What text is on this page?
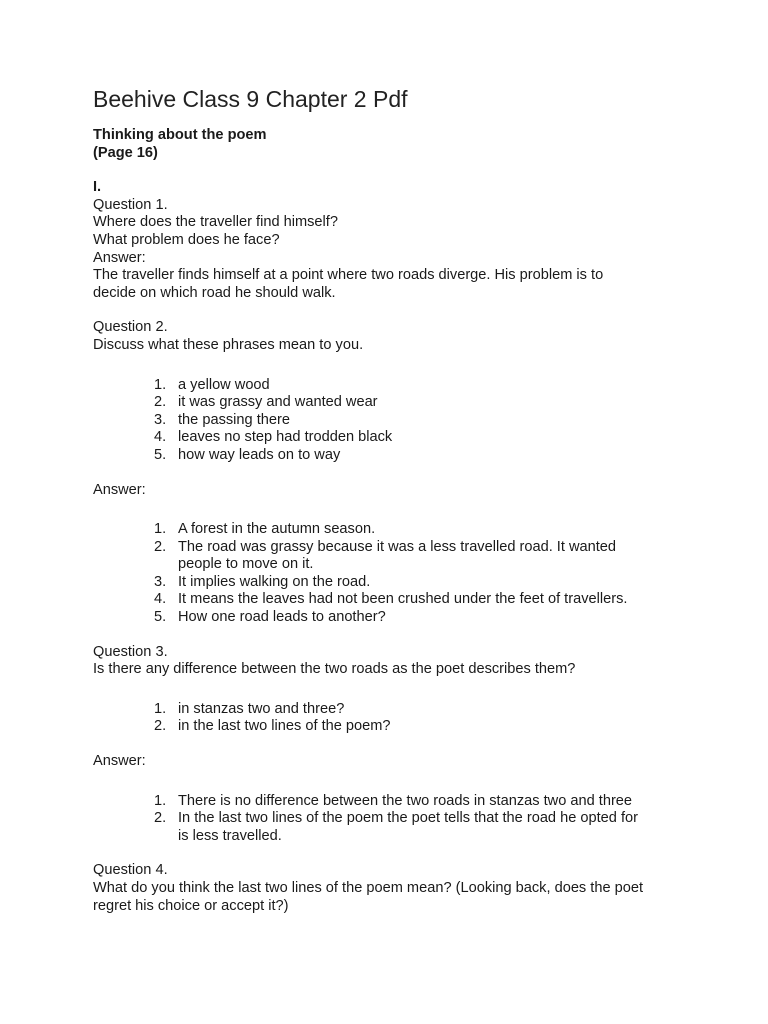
Beehive Class 9 Chapter 2 Pdf
Thinking about the poem
(Page 16)
I.
Question 1.
Where does the traveller find himself?
What problem does he face?
Answer:
The traveller finds himself at a point where two roads diverge. His problem is to
decide on which road he should walk.
Question 2.
Discuss what these phrases mean to you.
1. a yellow wood
2. it was grassy and wanted wear
3. the passing there
4. leaves no step had trodden black
5. how way leads on to way
Answer:
1. A forest in the autumn season.
2. The road was grassy because it was a less travelled road. It wanted
people to move on it.
3. It implies walking on the road.
4. It means the leaves had not been crushed under the feet of travellers.
5. How one road leads to another?
Question 3.
Is there any difference between the two roads as the poet describes them?
1. in stanzas two and three?
2. in the last two lines of the poem?
Answer:
1. There is no difference between the two roads in stanzas two and three
2. In the last two lines of the poem the poet tells that the road he opted for
is less travelled.
Question 4.
What do you think the last two lines of the poem mean? (Looking back, does the poet
regret his choice or accept it?)
